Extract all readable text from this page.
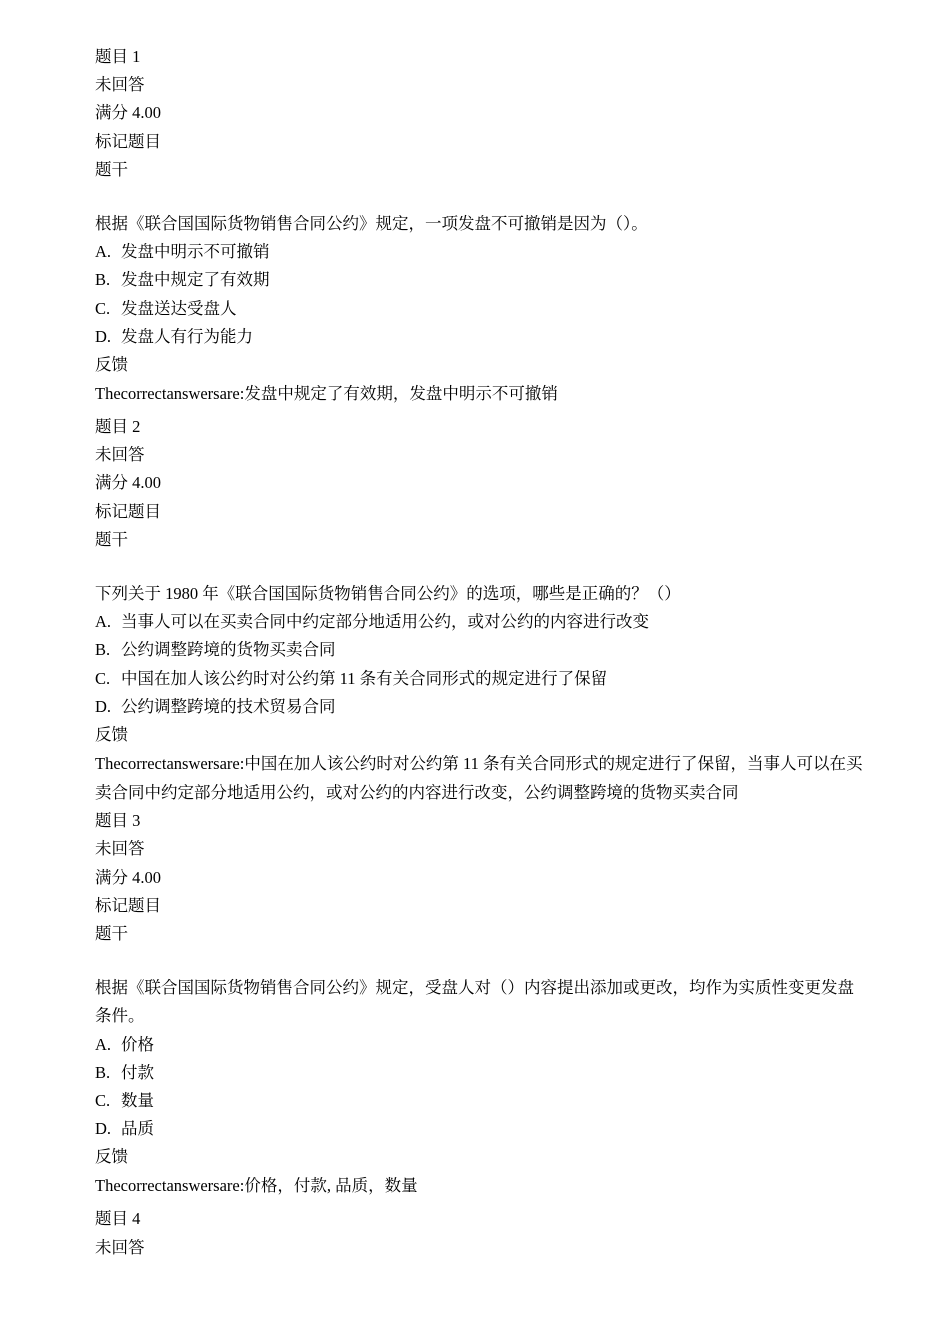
题目 1
未回答
满分 4.00
标记题目
题干
根据《联合国国际货物销售合同公约》规定，一项发盘不可撤销是因为（）。
A. 发盘中明示不可撤销
B. 发盘中规定了有效期
C. 发盘送达受盘人
D. 发盘人有行为能力
反馈
Thecorrectanswersare:发盘中规定了有效期，发盘中明示不可撤销
题目 2
未回答
满分 4.00
标记题目
题干
下列关于 1980 年《联合国国际货物销售合同公约》的选项，哪些是正确的？（）
A. 当事人可以在买卖合同中约定部分地适用公约，或对公约的内容进行改变
B. 公约调整跨境的货物买卖合同
C. 中国在加人该公约时对公约第 11 条有关合同形式的规定进行了保留
D. 公约调整跨境的技术贸易合同
反馈
Thecorrectanswersare:中国在加人该公约时对公约第 11 条有关合同形式的规定进行了保留，当事人可以在买卖合同中约定部分地适用公约，或对公约的内容进行改变，公约调整跨境的货物买卖合同
题目 3
未回答
满分 4.00
标记题目
题干
根据《联合国国际货物销售合同公约》规定，受盘人对（）内容提出添加或更改，均作为实质性变更发盘条件。
A. 价格
B. 付款
C. 数量
D. 品质
反馈
Thecorrectanswersare:价格，付款, 品质，数量
题目 4
未回答
